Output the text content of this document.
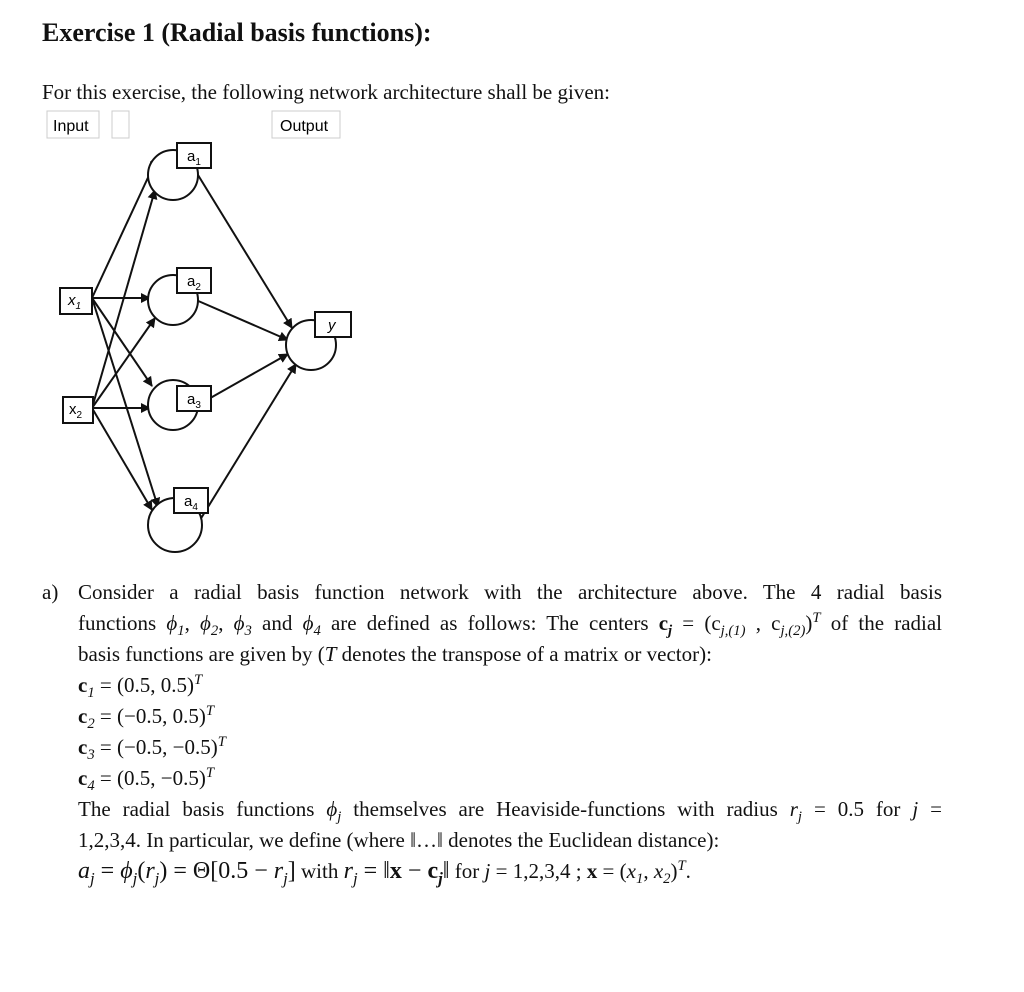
Exercise 1 (Radial basis functions):
For this exercise, the following network architecture shall be given:
Input	Output
$a_1$
$a_2$
$a_3$
$a_4$
y
$x_1$
$x_2$
a) Consider a radial basis function network with the architecture above. The 4 radial basis
functions $\phi_1$, $\phi_2$, $\phi_3$ and $\phi_4$ are defined as follows: The centers $c_j = (c_{j,(1)}$ , $c_{j,(2)})^T$ of the radial
basis functions are given by (T denotes the transpose of a matrix or vector):
$c_1 = (0.5$, 0.5)$^T$
$c_2 = (-0.5$, 0.5)$^T$
$c_3 = (-0.5$, −0.5)$^T$
$c_4 = (0.5$, −0.5)$^T$
The radial basis functions $\phi_j$ themselves are Heaviside-functions with radius $r_j = 0.5$ for j =
1,2,3,4. In particular, we define (where ‖…‖ denotes the Euclidean distance):
$a_j = \phi_j(r_j) = \Theta[0.5 - r_j]$ with $r_j$ = ‖x − $c_j‖$ for j = 1,2,3,4 ; $x = (x_1$, $x_2)^T$.
